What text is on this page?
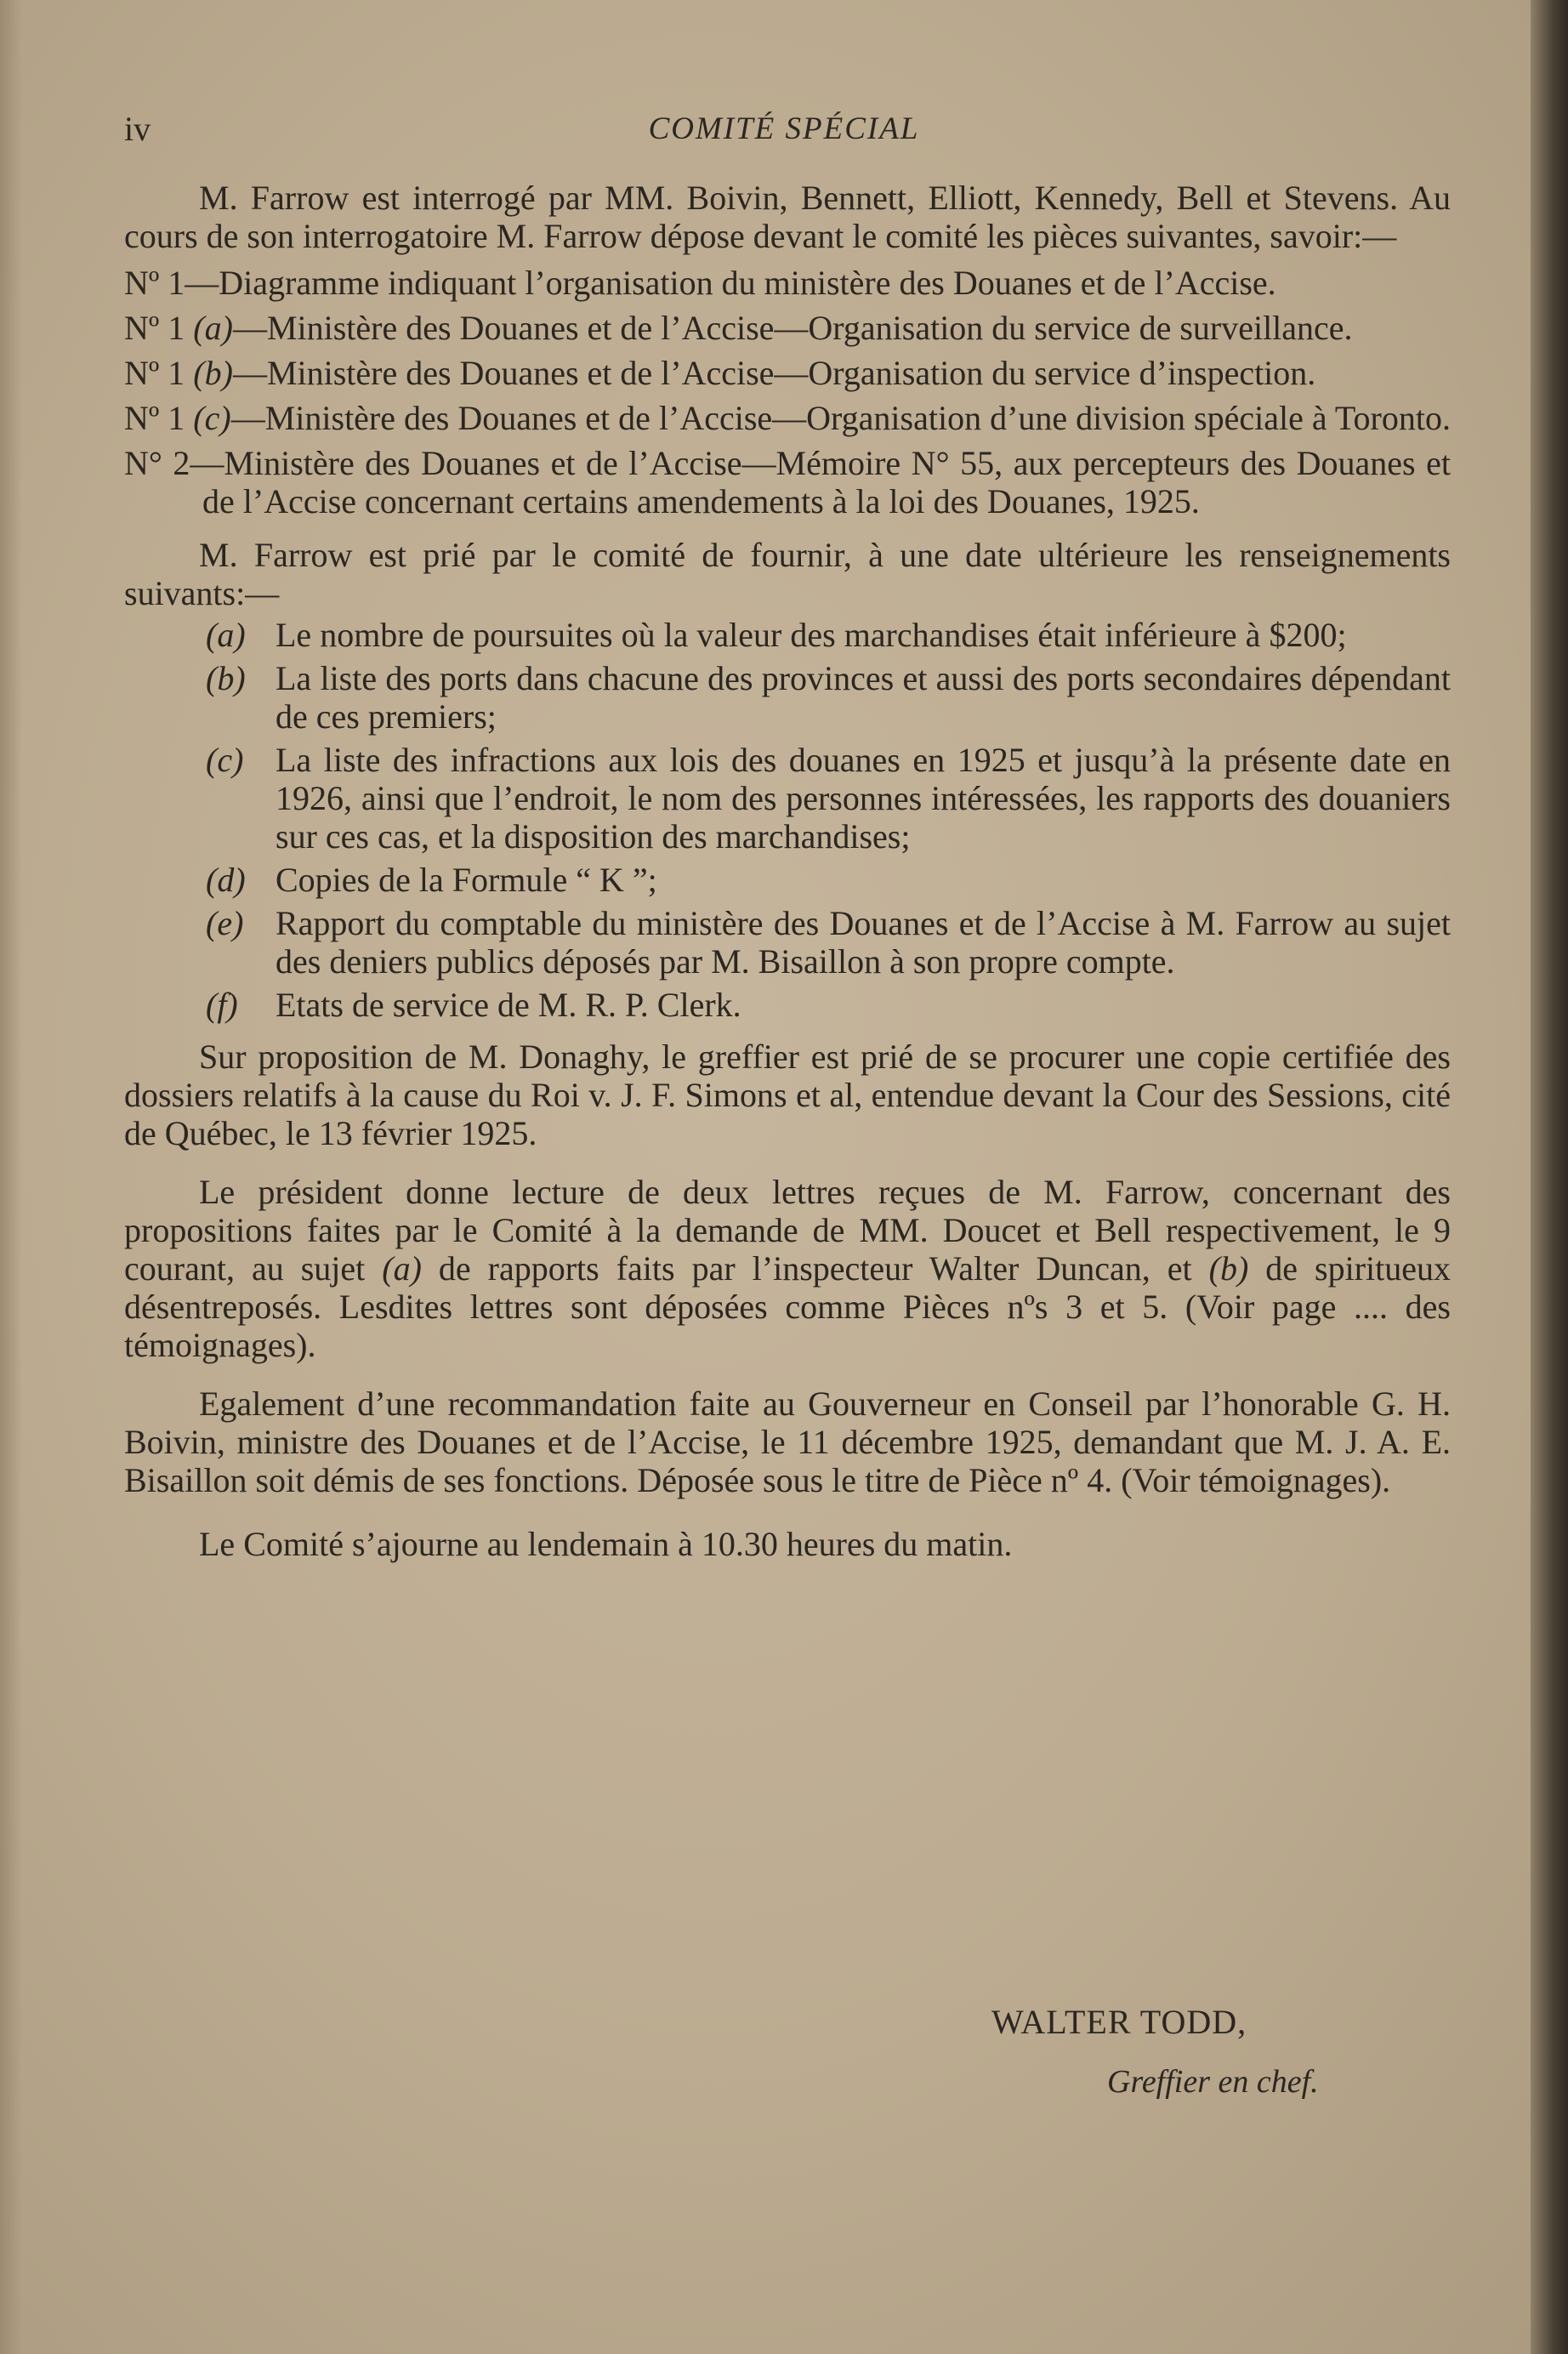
iv	COMITÉ SPÉCIAL

M. Farrow est interrogé par MM. Boivin, Bennett, Elliott, Kennedy, Bell et Stevens. Au cours de son interrogatoire M. Farrow dépose devant le comité les pièces suivantes, savoir:—

Nº 1—Diagramme indiquant l’organisation du ministère des Douanes et de l’Accise.

Nº 1 (a)—Ministère des Douanes et de l’Accise—Organisation du service de surveillance.

Nº 1 (b)—Ministère des Douanes et de l’Accise—Organisation du service d’inspection.

Nº 1 (c)—Ministère des Douanes et de l’Accise—Organisation d’une division spéciale à Toronto.

N° 2—Ministère des Douanes et de l’Accise—Mémoire N° 55, aux percepteurs des Douanes et de l’Accise concernant certains amendements à la loi des Douanes, 1925.

M. Farrow est prié par le comité de fournir, à une date ultérieure les renseignements suivants:—

(a) Le nombre de poursuites où la valeur des marchandises était inférieure à $200;

(b) La liste des ports dans chacune des provinces et aussi des ports secondaires dépendant de ces premiers;

(c) La liste des infractions aux lois des douanes en 1925 et jusqu’à la présente date en 1926, ainsi que l’endroit, le nom des personnes intéressées, les rapports des douaniers sur ces cas, et la disposition des marchandises;

(d) Copies de la Formule “ K ”;

(e) Rapport du comptable du ministère des Douanes et de l’Accise à M. Farrow au sujet des deniers publics déposés par M. Bisaillon à son propre compte.

(f) Etats de service de M. R. P. Clerk.

Sur proposition de M. Donaghy, le greffier est prié de se procurer une copie certifiée des dossiers relatifs à la cause du Roi v. J. F. Simons et al, entendue devant la Cour des Sessions, cité de Québec, le 13 février 1925.

Le président donne lecture de deux lettres reçues de M. Farrow, concernant des propositions faites par le Comité à la demande de MM. Doucet et Bell respectivement, le 9 courant, au sujet (a) de rapports faits par l’inspecteur Walter Duncan, et (b) de spiritueux désentreposés. Lesdites lettres sont déposées comme Pièces nºs 3 et 5. (Voir page .... des témoignages).

Egalement d’une recommandation faite au Gouverneur en Conseil par l’honorable G. H. Boivin, ministre des Douanes et de l’Accise, le 11 décembre 1925, demandant que M. J. A. E. Bisaillon soit démis de ses fonctions. Déposée sous le titre de Pièce nº 4. (Voir témoignages).

Le Comité s’ajourne au lendemain à 10.30 heures du matin.

WALTER TODD,
Greffier en chef.
